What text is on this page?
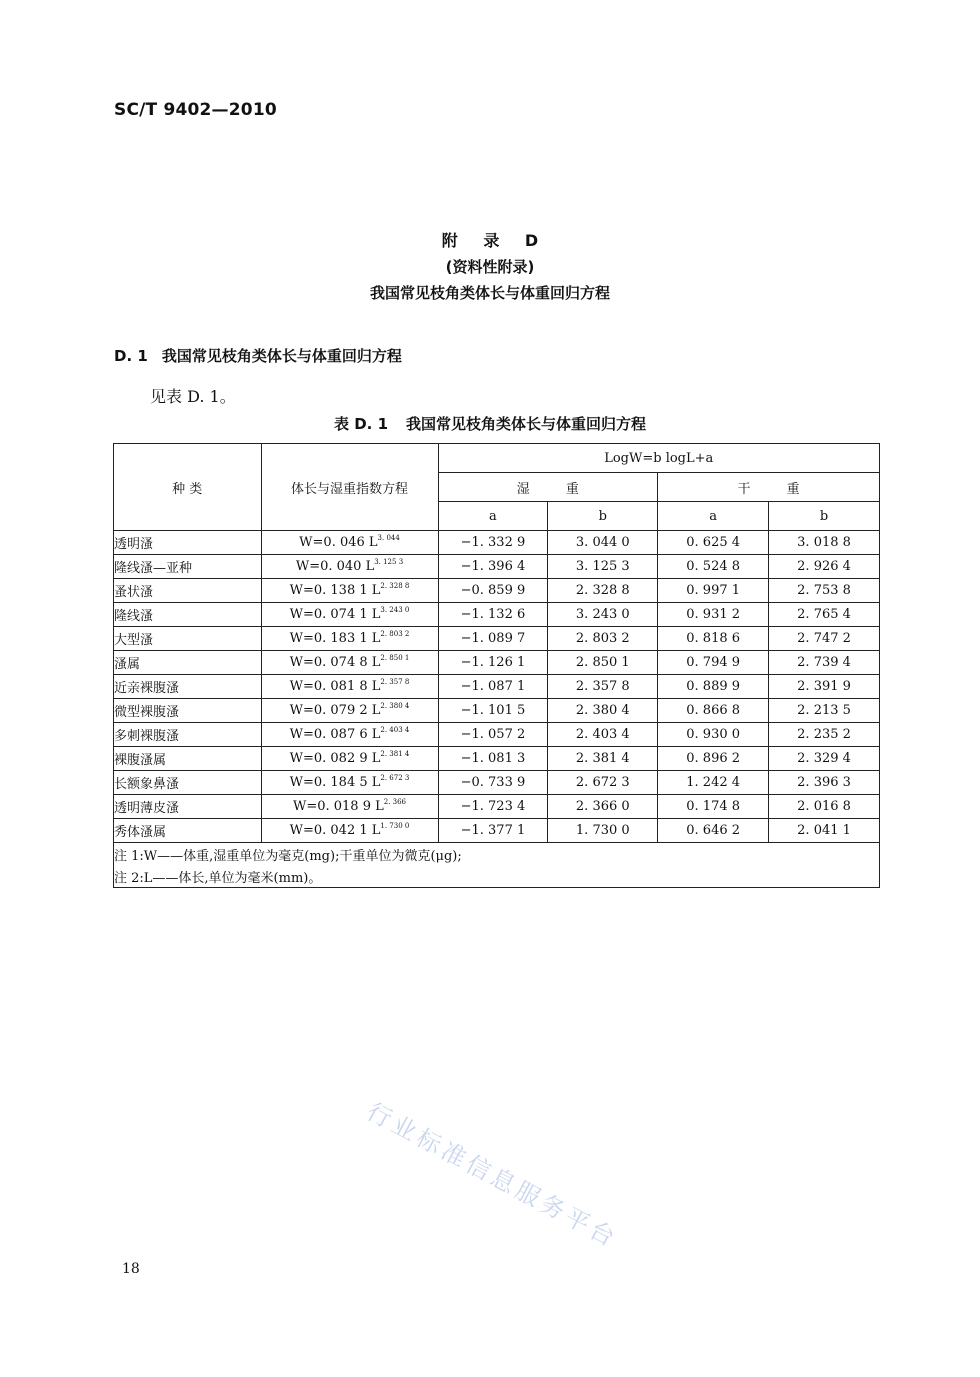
SC/T 9402—2010
附 录 D
(资料性附录)
我国常见枝角类体长与体重回归方程
D. 1 我国常见枝角类体长与体重回归方程
见表 D. 1。
表 D. 1 我国常见枝角类体长与体重回归方程
种 类	体长与湿重指数方程	LogW=b logL+a			
		湿 重		干 重	
		a	b	a	b
透明溞	W=0. 046 $L^{3. 044}$	−1. 332 9	3. 044 0	0. 625 4	3. 018 8
隆线溞—亚种	W=0. 040 $L^{3. 125 3}$	−1. 396 4	3. 125 3	0. 524 8	2. 926 4
蚤状溞	W=0. 138 1 $L^{2. 328 8}$	−0. 859 9	2. 328 8	0. 997 1	2. 753 8
隆线溞	W=0. 074 1 $L^{3. 243 0}$	−1. 132 6	3. 243 0	0. 931 2	2. 765 4
大型溞	W=0. 183 1 $L^{2. 803 2}$	−1. 089 7	2. 803 2	0. 818 6	2. 747 2
溞属	W=0. 074 8 $L^{2. 850 1}$	−1. 126 1	2. 850 1	0. 794 9	2. 739 4
近亲裸腹溞	W=0. 081 8 $L^{2. 357 8}$	−1. 087 1	2. 357 8	0. 889 9	2. 391 9
微型裸腹溞	W=0. 079 2 $L^{2. 380 4}$	−1. 101 5	2. 380 4	0. 866 8	2. 213 5
多刺裸腹溞	W=0. 087 6 $L^{2. 403 4}$	−1. 057 2	2. 403 4	0. 930 0	2. 235 2
裸腹溞属	W=0. 082 9 $L^{2. 381 4}$	−1. 081 3	2. 381 4	0. 896 2	2. 329 4
长额象鼻溞	W=0. 184 5 $L^{2. 672 3}$	−0. 733 9	2. 672 3	1. 242 4	2. 396 3
透明薄皮溞	W=0. 018 9 $L^{2. 366}$	−1. 723 4	2. 366 0	0. 174 8	2. 016 8
秀体溞属	W=0. 042 1 $L^{1. 730 0}$	−1. 377 1	1. 730 0	0. 646 2	2. 041 1
注 1:W——体重,湿重单位为毫克(mg);干重单位为微克(μg);					
注 2:L——体长,单位为毫米(mm)。					
行业标准信息服务平台
18
